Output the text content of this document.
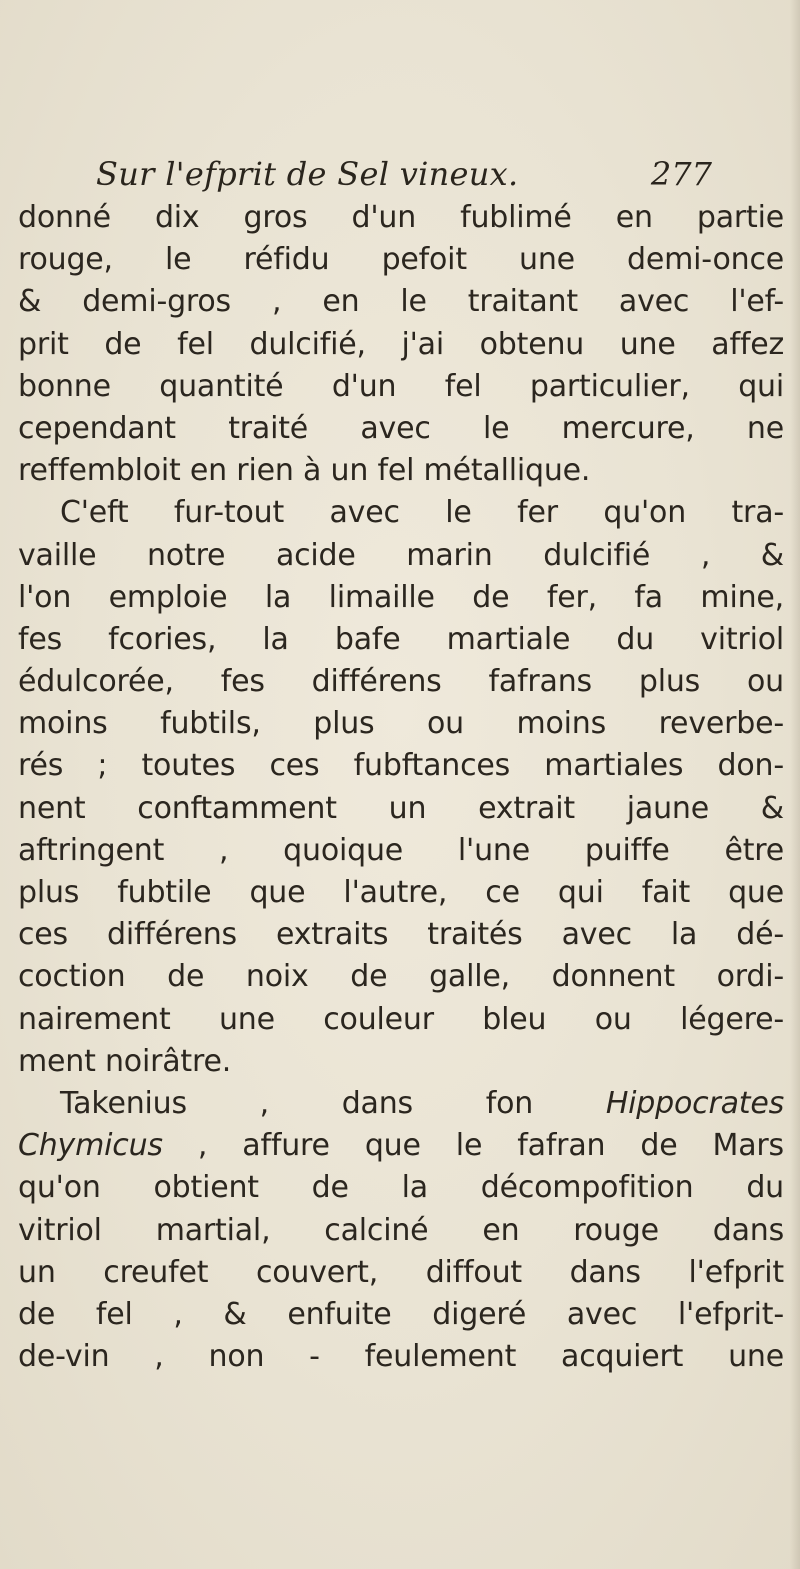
Sur l'efprit de Sel vineux.	277
donné dix gros d'un fublimé en partie
rouge, le réfidu pefoit une demi-once
& demi-gros , en le traitant avec l'ef-
prit de fel dulcifié, j'ai obtenu une affez
bonne quantité d'un fel particulier, qui
cependant traité avec le mercure, ne
reffembloit en rien à un fel métallique.
C'eft fur-tout avec le fer qu'on tra-
vaille notre acide marin dulcifié , &
l'on emploie la limaille de fer, fa mine,
fes fcories, la bafe martiale du vitriol
édulcorée, fes différens fafrans plus ou
moins fubtils, plus ou moins reverbe-
rés ; toutes ces fubftances martiales don-
nent conftamment un extrait jaune &
aftringent , quoique l'une puiffe être
plus fubtile que l'autre, ce qui fait que
ces différens extraits traités avec la dé-
coction de noix de galle, donnent ordi-
nairement une couleur bleu ou légere-
ment noirâtre.
Takenius , dans fon Hippocrates
Chymicus , affure que le fafran de Mars
qu'on obtient de la décompofition du
vitriol martial, calciné en rouge dans
un creufet couvert, diffout dans l'efprit
de fel , & enfuite digeré avec l'efprit-
de-vin , non - feulement acquiert une
